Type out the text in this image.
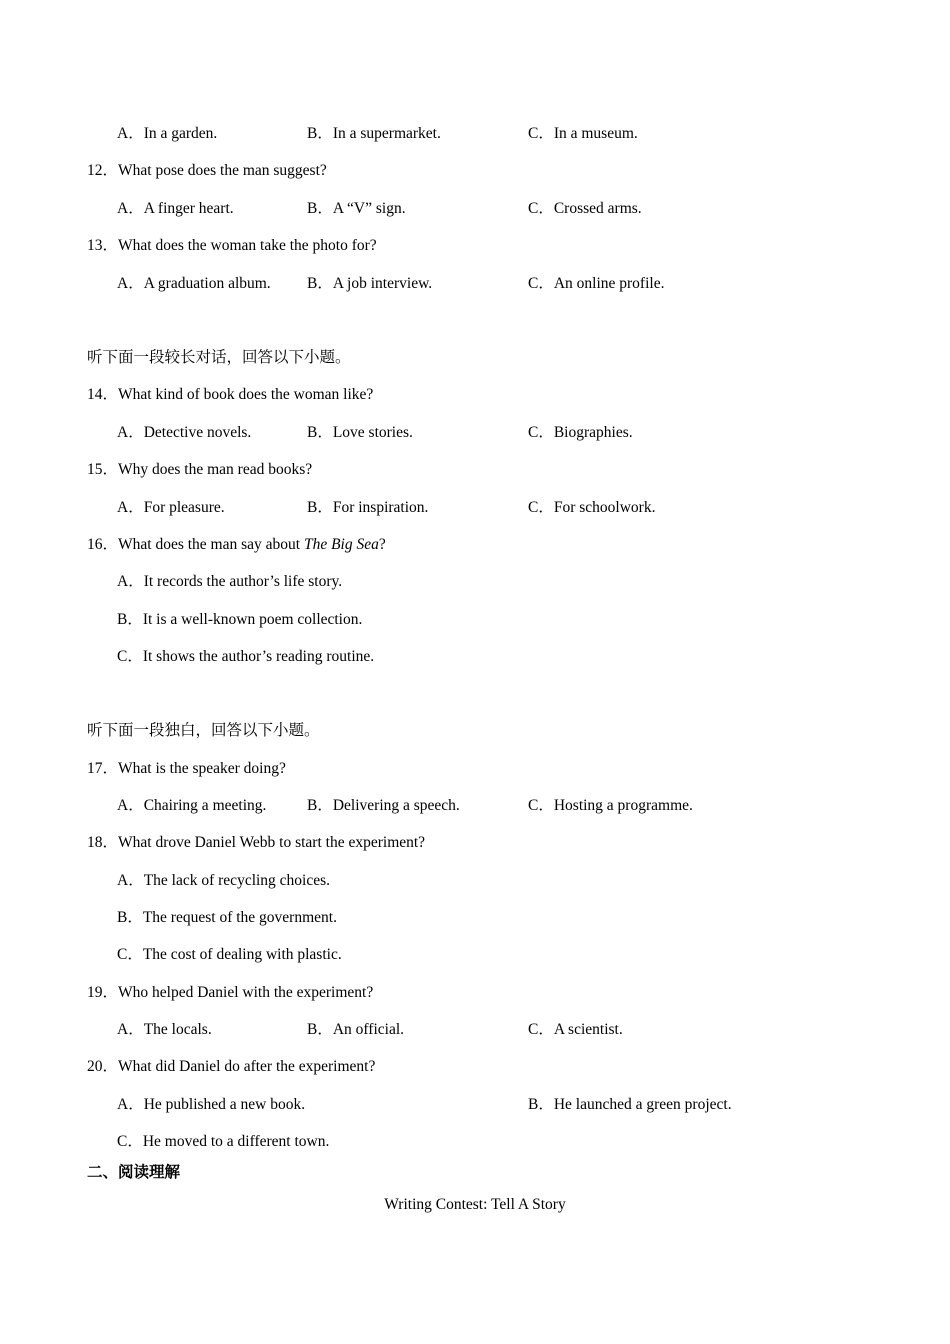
A．In a garden.	B．In a supermarket.	C．In a museum.
12．What pose does the man suggest?
A．A finger heart.	B．A “V” sign.	C．Crossed arms.
13．What does the woman take the photo for?
A．A graduation album. B．A job interview.	C．An online profile.
听下面一段较长对话，回答以下小题。
14．What kind of book does the woman like?
A．Detective novels.	B．Love stories.	C．Biographies.
15．Why does the man read books?
A．For pleasure.	B．For inspiration.	C．For schoolwork.
16．What does the man say about The Big Sea?
A．It records the author’s life story.
B．It is a well-known poem collection.
C．It shows the author’s reading routine.
听下面一段独白，回答以下小题。
17．What is the speaker doing?
A．Chairing a meeting.	B．Delivering a speech.	C．Hosting a programme.
18．What drove Daniel Webb to start the experiment?
A．The lack of recycling choices.
B．The request of the government.
C．The cost of dealing with plastic.
19．Who helped Daniel with the experiment?
A．The locals.	B．An official.	C．A scientist.
20．What did Daniel do after the experiment?
A．He published a new book.	B．He launched a green project.
C．He moved to a different town.
二、阅读理解
Writing Contest: Tell A Story
